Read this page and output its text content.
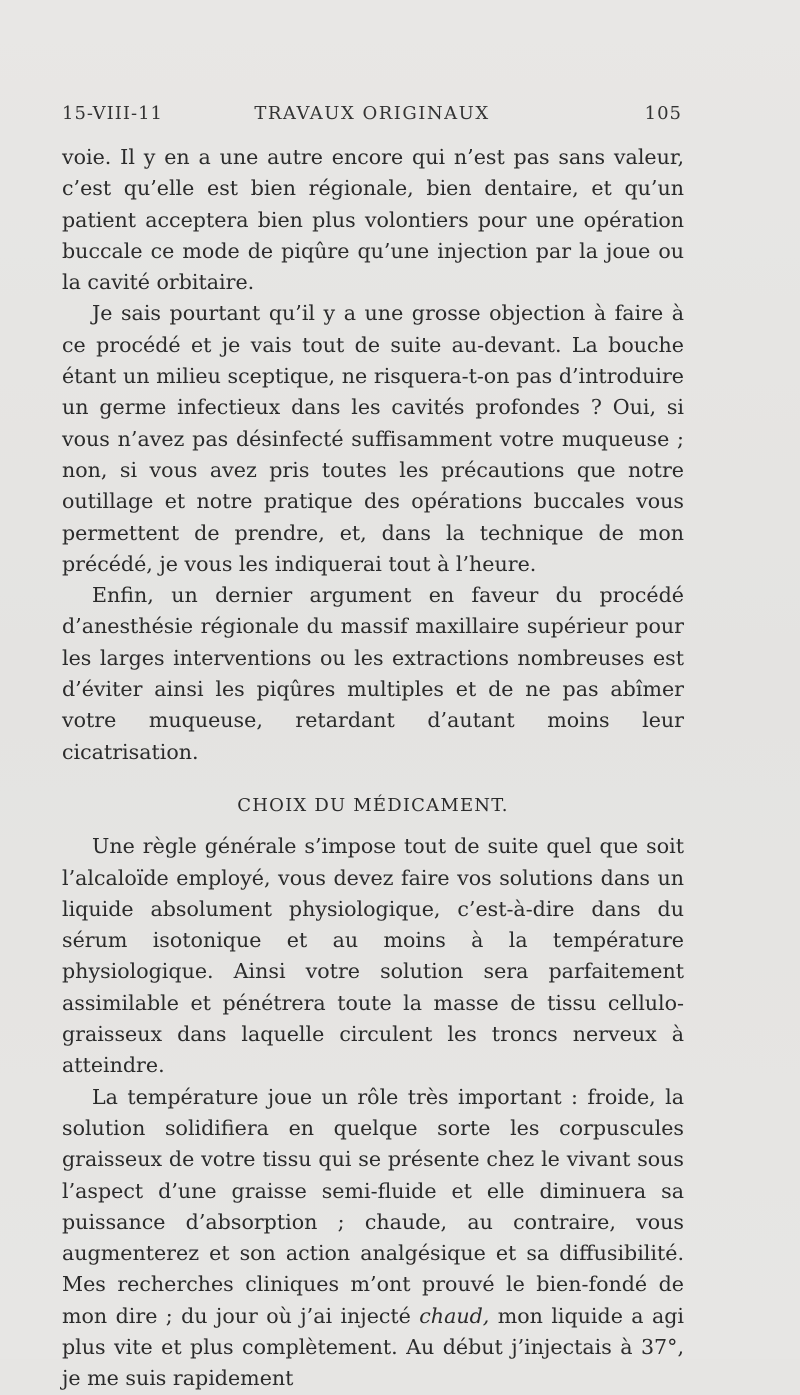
15-VIII-11	TRAVAUX ORIGINAUX	105

voie. Il y en a une autre encore qui n’est pas sans valeur, c’est qu’elle est bien régionale, bien dentaire, et qu’un patient acceptera bien plus volontiers pour une opération buccale ce mode de piqûre qu’une injection par la joue ou la cavité orbitaire.

Je sais pourtant qu’il y a une grosse objection à faire à ce procédé et je vais tout de suite au-devant. La bouche étant un milieu sceptique, ne risquera-t-on pas d’introduire un germe infectieux dans les cavités profondes ? Oui, si vous n’avez pas désinfecté suffisamment votre muqueuse ; non, si vous avez pris toutes les précautions que notre outillage et notre pratique des opérations buccales vous permettent de prendre, et, dans la technique de mon précédé, je vous les indiquerai tout à l’heure.

Enfin, un dernier argument en faveur du procédé d’anesthésie régionale du massif maxillaire supérieur pour les larges interventions ou les extractions nombreuses est d’éviter ainsi les piqûres multiples et de ne pas abîmer votre muqueuse, retardant d’autant moins leur cicatrisation.

CHOIX DU MÉDICAMENT.

Une règle générale s’impose tout de suite quel que soit l’alcaloïde employé, vous devez faire vos solutions dans un liquide absolument physiologique, c’est-à-dire dans du sérum isotonique et au moins à la température physiologique. Ainsi votre solution sera parfaitement assimilable et pénétrera toute la masse de tissu cellulo-graisseux dans laquelle circulent les troncs nerveux à atteindre.

La température joue un rôle très important : froide, la solution solidifiera en quelque sorte les corpuscules graisseux de votre tissu qui se présente chez le vivant sous l’aspect d’une graisse semi-fluide et elle diminuera sa puissance d’absorption ; chaude, au contraire, vous augmenterez et son action analgésique et sa diffusibilité. Mes recherches cliniques m’ont prouvé le bien-fondé de mon dire ; du jour où j’ai injecté chaud, mon liquide a agi plus vite et plus complètement. Au début j’injectais à 37°, je me suis rapidement
